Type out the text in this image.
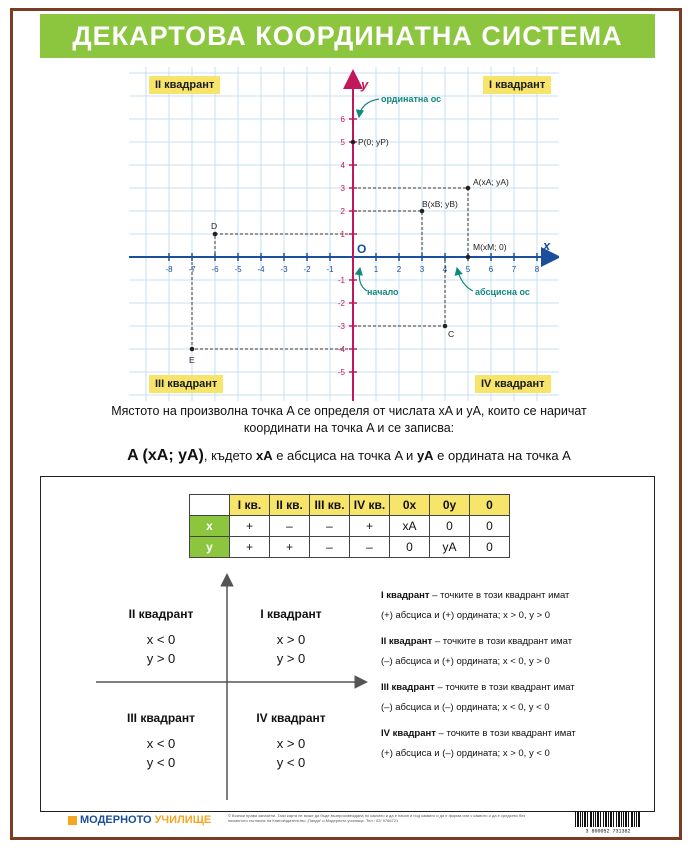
ДЕКАРТОВА КООРДИНАТНА СИСТЕМА
-8 -7 -6 -5 -4 -3 -2 -1	1 2 3 4 5 6 7 8
6
5
4
3
2
1
-1
-2
-3
-4
-5
x
y
O
P(0; yP)
A(xA; yA)
B(xB; yB)
D
M(xM; 0)
C
E
ординатна ос
начало	абсцисна ос
II квадрант	I квадрант
III квадрант	IV квадрант
Мястото на произволна точка A се определя от числата xA и yA, които се наричат
координати на точка A и се записва:
A (xA; yA), където xA е абсциса на точка A и yA е ордината на точка A
	I кв.	II кв.	III кв.	IV кв.	0x	0y	0
x	+	–	–	+	xA	0	0
y	+	+	–	–	0	yA	0
II квадрант
x < 0
y > 0
I квадрант
x > 0
y > 0
III квадрант
x < 0
y < 0
IV квадрант
x > 0
y < 0
I квадрант – точките в този квадрант имат
(+) абсциса и (+) ордината; x > 0, y > 0
II квадрант – точките в този квадрант имат
(–) абсциса и (+) ордината; x < 0, y > 0
III квадрант – точките в този квадрант имат
(–) абсциса и (–) ордината; x < 0, y < 0
IV квадрант – точките в този квадрант имат
(+) абсциса и (–) ордината; x > 0, y < 0
МОДЕРНОТО УЧИЛИЩЕ	© Всички права запазени. Тази карта не може да бъде възпроизвеждана по какъвто и да е начин и под каквато и да е форма или с каквото и да е средство без писменото съгласие на Книгоиздателство „Панда“ и Модерното училище. Тел.: 02/ 9766721
3 800052 731382
